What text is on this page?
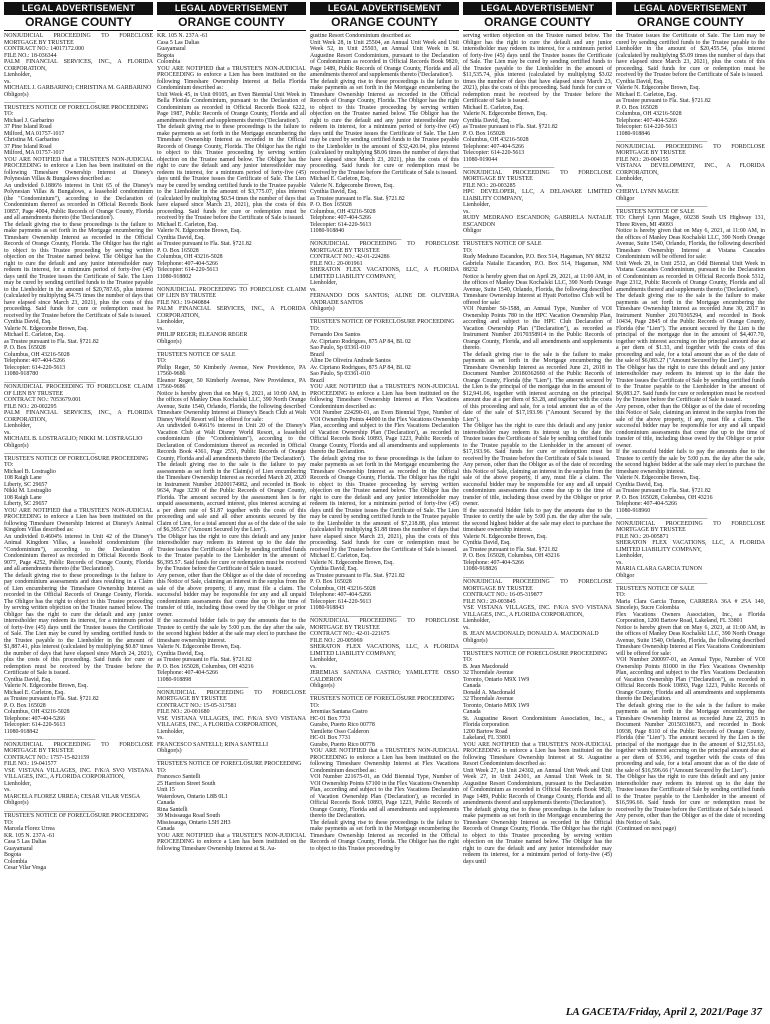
LEGAL ADVERTISEMENT
ORANGE COUNTY

NONJUDICIAL PROCEEDING TO FORECLOSE MORTGAGE BY TRUSTEE
CONTRACT NO.: 14017172.000
FILE NO.: 18-036344
PALM FINANCIAL SERVICES, INC., A FLORIDA CORPORATION,
Lienholder,
vs.
MICHAEL J. GARBARINO; CHRISTINA M. GARBARINO
Obligor(s)
_______________________________
TRUSTEE'S NOTICE OF FORECLOSURE PROCEEDING
TO:
Michael J. Garbarino
37 Pine Island Road
Milford, MA 01757-1017
Christina M. Garbarino
37 Pine Island Road
Milford, MA 01757-1017
YOU ARE NOTIFIED that a TRUSTEE'S NON-JUDICIAL PROCEEDING to enforce a Lien has been instituted on the following Timeshare Ownership Interest at Disney's Polynesian Villas & Bungalows described as:
An undivided 0.1886% interest in Unit 65 of the Disney's Polynesian Villas & Bungalows, a leasehold condominium (the "Condominium"), according to the Declaration of Condominium thereof as recorded in Official Records Book 10857, Page 4004, Public Records of Orange County, Florida and all amendments thereto (the 'Declaration').
The default giving rise to these proceedings is the failure to make payments as set forth in the Mortgage encumbering the Timeshare Ownership Interest as recorded in the Official Records of Orange County, Florida. The Obligor has the right to object to this Trustee proceeding by serving written objection on the Trustee named below. The Obligor has the right to cure the default and any junior interestholder may redeem its interest, for a minimum period of forty-five (45) days until the Trustee issues the Certificate of Sale. The Lien may be cured by sending certified funds to the Trustee payable to the Lienholder in the amount of $20,787.65, plus interest (calculated by multiplying $4.75 times the number of days that have elapsed since March 23, 2021), plus the costs of this proceeding. Said funds for cure or redemption must be received by the Trustee before the Certificate of Sale is issued.
Cynthia David, Esq.
Valerie N. Edgecombe Brown, Esq.
Michael E. Carleton, Esq.
as Trustee pursuant to Fla. Stat. §721.82
P. O. Box 165028
Columbus, OH 43216-5028
Telephone: 407-404-5266
Telecopier: 614-220-5613
11080-918780
_______________________________
NONJUDICIAL PROCEEDING TO FORECLOSE CLAIM OF LIEN BY TRUSTEE
CONTRACT NO.: 7053679.001
FILE NO.: 20-002295
PALM FINANCIAL SERVICES, INC., A FLORIDA CORPORATION,
Lienholder,
vs.
MICHAEL B. LOSTRAGLIO; NIKKI M. LOSTRAGLIO
Obligor(s)
_______________________________
TRUSTEE'S NOTICE OF FORECLOSURE PROCEEDING
TO:
Michael B. Lostraglio
108 Raigh Lane
Liberty, SC 29657
Nikki M. Lostraglio
108 Raigh Lane
Liberty, SC 29657
YOU ARE NOTIFIED that a TRUSTEE'S NON-JUDICIAL PROCEEDING to enforce a Lien has been instituted on the following Timeshare Ownership Interest at Disney's Animal Kingdom Villas described as:
An undivided 0.4604% interest in Unit 42 of the Disney's Animal Kingdom Villas, a leasehold condominium (the "Condominium"), according to the Declaration of Condominium thereof as recorded in Official Records Book 9077, Page 4252, Public Records of Orange County, Florida and all amendments thereto (the 'Declaration').
The default giving rise to these proceedings is the failure to pay condominium assessments and dues resulting in a Claim of Lien encumbering the Timeshare Ownership Interest as recorded in the Official Records of Orange County, Florida. The Obligor has the right to object to this Trustee proceeding by serving written objection on the Trustee named below. The Obligor has the right to cure the default and any junior interestholder may redeem its interest, for a minimum period of forty-five (45) days until the Trustee issues the Certificate of Sale. The Lien may be cured by sending certified funds to the Trustee payable to the Lienholder in the amount of $1,887.41, plus interest (calculated by multiplying $0.87 times the number of days that have elapsed since March 24, 2021), plus the costs of this proceeding. Said funds for cure or redemption must be received by the Trustee before the Certificate of Sale is issued.
Cynthia David, Esq.
Valerie N. Edgecombe Brown, Esq.
Michael E. Carleton, Esq.
as Trustee pursuant to Fla. Stat. §721.82
P. O. Box 165028
Columbus, OH 43216-5028
Telephone: 407-404-5266
Telecopier: 614-220-5613
11080-918842
_______________________________
NONJUDICIAL PROCEEDING TO FORECLOSE MORTGAGE BY TRUSTEE
CONTRACT NO.: 1757-15-821159
FILE NO.: 19-041577
VSE VISTANA VILLAGES, INC. F/K/A SVO VISTANA VILLAGES, INC., A FLORIDA CORPORATION,
Lienholder,
vs.
MARCELA FLOREZ URREA; CESAR VILAR VESGA
Obligor(s)
_______________________________
TRUSTEE'S NOTICE OF FORECLOSURE PROCEEDING
TO:
Marcela Florez Urrea
KR. 105 N. 237A -61
Casa 5 Las Dalias
Guayamaral
Bogota
Colombia
Cesar Vilar Vesga

LEGAL ADVERTISEMENT
ORANGE COUNTY

KR. 105 N. 237A -61
Casa 5 Las Dalias
Guayamaral
Bogota
Colombia
YOU ARE NOTIFIED that a TRUSTEE'S NON-JUDICIAL PROCEEDING to enforce a Lien has been instituted on the following Timeshare Ownership Interest at Bella Florida Condominium described as:
Unit Week 45, in Unit 09105, an Even Biennial Unit Week in Bella Florida Condominium, pursuant to the Declaration of Condominium as recorded in Official Records Book 6222, Page 1987, Public Records of Orange County, Florida and all amendments thereof and supplements thereto ('Declaration').
The default giving rise to these proceedings is the failure to make payments as set forth in the Mortgage encumbering the Timeshare Ownership Interest as recorded in the Official Records of Orange County, Florida. The Obligor has the right to object to this Trustee proceeding by serving written objection on the Trustee named below. The Obligor has the right to cure the default and any junior interestholder may redeem its interest, for a minimum period of forty-five (45) days until the Trustee issues the Certificate of Sale. The Lien may be cured by sending certified funds to the Trustee payable to the Lienholder in the amount of $3,775.07, plus interest (calculated by multiplying $0.54 times the number of days that have elapsed since March 23, 2021), plus the costs of this proceeding. Said funds for cure or redemption must be received by the Trustee before the Certificate of Sale is issued.
Michael E. Carleton, Esq.
Valerie N. Edgecombe Brown, Esq.
Cynthia David, Esq.
as Trustee pursuant to Fla. Stat. §721.82
P. O. Box 165028
Columbus, OH 43216-5028
Telephone: 407-404-5266
Telecopier: 614-220-5613
11080-918802
_______________________________
NONJUDICIAL PROCEEDING TO FORECLOSE CLAIM OF LIEN BY TRUSTEE
FILE NO.: 19-040884
PALM FINANCIAL SERVICES, INC., A FLORIDA CORPORATION,
Lienholder,
vs.
PHILIP REGER; ELEANOR REGER
Obligor(s)
_______________________________
TRUSTEE'S NOTICE OF SALE
TO:
Philip Reger, 50 Kimberly Avenue, New Providence, PA 17560-9686
Eleanor Reger, 50 Kimberly Avenue, New Providence, PA 17560-9686
Notice is hereby given that on May 6, 2021, at 10:00 AM, in the offices of Manley Deas Kochalski LLC, 390 North Orange Avenue, Suite 1540, Orlando, Florida, the following described Timeshare Ownership Interest at Disney's Beach Club at Walt Disney World Resort will be offered for sale:
An undivided 0.4661% interest in Unit 20 of the Disney's Vacation Club at Walt Disney World Resort, a leasehold condominium (the "Condominium"), according to the Declaration of Condominium thereof as recorded in Official Records Book 4361, Page 2551, Public Records of Orange County, Florida and all amendments thereto (the 'Declaration').
The default giving rise to the sale is the failure to pay assessments as set forth in the Claim(s) of Lien encumbering the Timeshare Ownership Interest as recorded March 20, 2020 in Instrument Number 20200174982, and recorded in Book 9634, Page 3230 of the Public Records of Orange County, Florida. The amount secured by the assessment lien is for unpaid assessments, accrued interest, plus interest accruing at a per diem rate of $1.87 together with the costs of this proceeding and sale and all other amounts secured by the Claim of Lien, for a total amount due as of the date of the sale of $6,395.57 ("Amount Secured by the Lien").
The Obligor has the right to cure this default and any junior interestholder may redeem its interest up to the date the Trustee issues the Certificate of Sale by sending certified funds to the Trustee payable to the Lienholder in the amount of $6,395.57. Said funds for cure or redemption must be received by the Trustee before the Certificate of Sale is issued.
Any person, other than the Obligor as of the date of recording this Notice of Sale, claiming an interest in the surplus from the sale of the above property, if any, must file a claim. The successful bidder may be responsible for any and all unpaid condominium assessments that come due up to the time of transfer of title, including those owed by the Obligor or prior owner.
If the successful bidder fails to pay the amounts due to the Trustee to certify the sale by 5:00 p.m. the day after the sale, the second highest bidder at the sale may elect to purchase the timeshare ownership interest.
Valerie N. Edgecombe Brown, Esq.
Cynthia David, Esq.
as Trustee pursuant to Fla. Stat. §721.82
P. O. Box 165028, Columbus, OH 43216
Telephone: 407-404-5266
11080-918898
_______________________________
NONJUDICIAL PROCEEDING TO FORECLOSE MORTGAGE BY TRUSTEE
CONTRACT NO.: 15-05-317581
FILE NO.: 20-001680
VSE VISTANA VILLAGES, INC. F/K/A SVO VISTANA VILLAGES, INC., A FLORIDA CORPORATION,
Lienholder,
vs.
FRANCESCO SANTELLI; RINA SANTELLI
Obligor(s)
_______________________________
TRUSTEE'S NOTICE OF FORECLOSURE PROCEEDING
TO:
Francesco Santelli
25 Harrison Street South
Unit 15
Waterdown, Ontario L8B 0L1
Canada
Rina Santelli
39 Misissauga Road South
Mississauga, Ontario L5H 2H3
Canada
YOU ARE NOTIFIED that a TRUSTEE'S NON-JUDICIAL PROCEEDING to enforce a Lien has been instituted on the following Timeshare Ownership Interest at St. Au-

LEGAL ADVERTISEMENT
ORANGE COUNTY

gustine Resort Condominium described as:
Unit Week 28, in Unit 25504, an Annual Unit Week and Unit Week 52, in Unit 25503, an Annual Unit Week in St. Augustine Resort Condominium, pursuant to the Declaration of Condominium as recorded in Official Records Book 9820, Page 1489, Public Records of Orange County, Florida and all amendments thereof and supplements thereto ('Declaration').
The default giving rise to these proceedings is the failure to make payments as set forth in the Mortgage encumbering the Timeshare Ownership Interest as recorded in the Official Records of Orange County, Florida. The Obligor has the right to object to this Trustee proceeding by serving written objection on the Trustee named below. The Obligor has the right to cure the default and any junior interestholder may redeem its interest, for a minimum period of forty-five (45) days until the Trustee issues the Certificate of Sale. The Lien may be cured by sending certified funds to the Trustee payable to the Lienholder in the amount of $32,420.04, plus interest (calculated by multiplying $8.06 times the number of days that have elapsed since March 23, 2021), plus the costs of this proceeding. Said funds for cure or redemption must be received by the Trustee before the Certificate of Sale is issued.
Michael E. Carleton, Esq.
Valerie N. Edgecombe Brown, Esq.
Cynthia David, Esq.
as Trustee pursuant to Fla. Stat. §721.82
P. O. Box 165028
Columbus, OH 43216-5028
Telephone: 407-404-5266
Telecopier: 614-220-5613
11080-918840
_______________________________
NONJUDICIAL PROCEEDING TO FORECLOSE MORTGAGE BY TRUSTEE
CONTRACT NO.: 42-01-224286
FILE NO.: 20-001961
SHERATON FLEX VACATIONS, LLC, A FLORIDA LIMITED LIABILITY COMPANY,
Lienholder,
vs.
FERNANDO DOS SANTOS; ALINE DE OLIVEIRA ANDRADE SANTOS
Obligor(s)
_______________________________
TRUSTEE'S NOTICE OF FORECLOSURE PROCEEDING
TO:
Fernando Dos Santos
Av. Cipriano Rodrigues, 875 AP 84, BL 02
Sao Paulo, Sp 03361-010
Brazil
Aline De Oliveira Andrade Santos
Av. Cipriano Rodrigues, 875 AP 84, BL 02
Sao Paulo, Sp 03361-010
Brazil
YOU ARE NOTIFIED that a TRUSTEE'S NON-JUDICIAL PROCEEDING to enforce a Lien has been instituted on the following Timeshare Ownership Interest at Flex Vacations Condominium described as:
VOI Number 224290-01, an Even Biennial Type, Number of VOI Ownership Points 44000 in the Flex Vacations Ownership Plan, according and subject to the Flex Vacations Declaration of Vacation Ownership Plan ('Declaration'), as recorded in Official Records Book 10893, Page 1223, Public Records of Orange County, Florida and all amendments and supplements thereto the Declaration.
The default giving rise to these proceedings is the failure to make payments as set forth in the Mortgage encumbering the Timeshare Ownership Interest as recorded in the Official Records of Orange County, Florida. The Obligor has the right to object to this Trustee proceeding by serving written objection on the Trustee named below. The Obligor has the right to cure the default and any junior interestholder may redeem its interest, for a minimum period of forty-five (45) days until the Trustee issues the Certificate of Sale. The Lien may be cured by sending certified funds to the Trustee payable to the Lienholder in the amount of $7,218.88, plus interest (calculated by multiplying $1.88 times the number of days that have elapsed since March 23, 2021), plus the costs of this proceeding. Said funds for cure or redemption must be received by the Trustee before the Certificate of Sale is issued.
Michael E. Carleton, Esq.
Valerie N. Edgecombe Brown, Esq.
Cynthia David, Esq.
as Trustee pursuant to Fla. Stat. §721.82
P. O. Box 165028
Columbus, OH 43216-5028
Telephone: 407-404-5266
Telecopier: 614-220-5613
11080-918843
_______________________________
NONJUDICIAL PROCEEDING TO FORECLOSE MORTGAGE BY TRUSTEE
CONTRACT NO.: 42-01-221675
FILE NO.: 20-005969
SHERATON FLEX VACATIONS, LLC, A FLORIDA LIMITED LIABILITY COMPANY,
Lienholder,
vs.
JEREMIAS SANTANA CASTRO; YAMILETTE OSSO CALDERON
Obligor(s)
_______________________________
TRUSTEE'S NOTICE OF FORECLOSURE PROCEEDING
TO:
Jeremias Santana Castro
HC-01 Box 7731
Gurabo, Puerto Rico 00778
Yamilette Osso Calderon
HC-01 Box 7731
Gurabo, Puerto Rico 00778
YOU ARE NOTIFIED that a TRUSTEE'S NON-JUDICIAL PROCEEDING to enforce a Lien has been instituted on the following Timeshare Ownership Interest at Flex Vacations Condominium described as:
VOI Number 221675-01, an Odd Biennial Type, Number of VOI Ownership Points 67100 in the Flex Vacations Ownership Plan, according and subject to the Flex Vacations Declaration of Vacation Ownership Plan ('Declaration'), as recorded in Official Records Book 10893, Page 1223, Public Records of Orange County, Florida and all amendments and supplements thereto the Declaration.
The default giving rise to these proceedings is the failure to make payments as set forth in the Mortgage encumbering the Timeshare Ownership Interest as recorded in the Official Records of Orange County, Florida. The Obligor has the right to object to this Trustee proceeding by

LEGAL ADVERTISEMENT
ORANGE COUNTY

serving written objection on the Trustee named below. The Obligor has the right to cure the default and any junior interestholder may redeem its interest, for a minimum period of forty-five (45) days until the Trustee issues the Certificate of Sale. The Lien may be cured by sending certified funds to the Trustee payable to the Lienholder in the amount of $11,535.74, plus interest (calculated by multiplying $3.02 times the number of days that have elapsed since March 23, 2021), plus the costs of this proceeding. Said funds for cure or redemption must be received by the Trustee before the Certificate of Sale is issued.
Michael E. Carleton, Esq.
Valerie N. Edgecombe Brown, Esq.
Cynthia David, Esq.
as Trustee pursuant to Fla. Stat. §721.82
P. O. Box 165028
Columbus, OH 43216-5028
Telephone: 407-404-5266
Telecopier: 614-220-5613
11080-919044
_______________________________
NONJUDICIAL PROCEEDING TO FORECLOSE MORTGAGE BY TRUSTEE
FILE NO.: 20-003285
HPC DEVELOPER, LLC, A DELAWARE LIMITED LIABILITY COMPANY,
Lienholder,
vs.
RUDY MEDRANO ESCANDON; GABRIELA NATALIE ESCANDON
Obligor
_______________________________
TRUSTEE'S NOTICE OF SALE
TO:
Rudy Medrano Escandon, P.O. Box 514, Hagaman, NY 88232
Gabriela Natalie Escandon, P.O. Box 514, Hagaman, NM 88232
Notice is hereby given that on April 29, 2021, at 11:00 AM, in the offices of Manley Deas Kochalski LLC, 390 North Orange Avenue, Suite 1540, Orlando, Florida, the following described Timeshare Ownership Interest at Hyatt Portofino Club will be offered for sale:
VOI Number 50-1588, an Annual Type, Number of VOI Ownership Points 780 in the HPC Vacation Ownership Plan, according and subject to the HPC Club Declaration of Vacation Ownership Plan ("Declaration"), as recorded as Instrument Number 20170358914 in the Public Records of Orange County, Florida, and all amendments and supplements thereto.
The default giving rise to the sale is the failure to make payments as set forth in the Mortgage encumbering the Timeshare Ownership Interest as recorded June 21, 2018 in Document Number 20180362660 of the Public Records of Orange County, Florida (the "Lien"). The amount secured by the Lien is the principal of the mortgage due in the amount of $12,941.06, together with interest accruing on the principal amount due at a per diem of $3.28, and together with the costs of this proceeding and sale, for a total amount due as of the date of the sale of $17,193.96 ("Amount Secured by the Lien").
The Obligor has the right to cure this default and any junior interestholder may redeem its interest up to the date the Trustee issues the Certificate of Sale by sending certified funds to the Trustee payable to the Lienholder in the amount of $17,193.96. Said funds for cure or redemption must be received by the Trustee before the Certificate of Sale is issued.
Any person, other than the Obligor as of the date of recording this Notice of Sale, claiming an interest in the surplus from the sale of the above property, if any, must file a claim. The successful bidder may be responsible for any and all unpaid condominium assessments that come due up to the time of transfer of title, including those owed by the Obligor or prior owner.
If the successful bidder fails to pay the amounts due to the Trustee to certify the sale by 5:00 p.m. the day after the sale, the second highest bidder at the sale may elect to purchase the timeshare ownership interest.
Valerie N. Edgecombe Brown, Esq.
Cynthia David, Esq.
as Trustee pursuant to Fla. Stat. §721.82
P. O. Box 165028, Columbus, OH 43216
Telephone: 407-404-5266
11080-918826
_______________________________
NONJUDICIAL PROCEEDING TO FORECLOSE MORTGAGE BY TRUSTEE
CONTRACT NO.: 16-05-319877
FILE NO.: 20-003845
VSE VISTANA VILLAGES, INC. F/K/A SVO VISTANA VILLAGES, INC., A FLORIDA CORPORATION,
Lienholder,
vs.
B. JEAN MACDONALD; DONALD A. MACDONALD
Obligor(s)
_______________________________
TRUSTEE'S NOTICE OF FORECLOSURE PROCEEDING
TO:
B. Jean Macdonald
32 Thorndale Avenue
Toronto, Ontario M9X 1W9
Canada
Donald A. Macdonald
32 Thorndale Avenue
Toronto, Ontario M9X 1W9
Canada
St. Augustine Resort Condominium Association, Inc., a Florida corporation
1200 Bartow Road
Lakeland, FL 33801
YOU ARE NOTIFIED that a TRUSTEE'S NON-JUDICIAL PROCEEDING to enforce a Lien has been instituted on the following Timeshare Ownership Interest at St. Augustine Resort Condominium described as:
Unit Week 27, in Unit 24302, an Annual Unit Week and Unit Week 27, in Unit 24301, an Annual Unit Week in St. Augustine Resort Condominium, pursuant to the Declaration of Condominium as recorded in Official Records Book 9820, Page 1489, Public Records of Orange County, Florida and all amendments thereof and supplements thereto ('Declaration').
The default giving rise to these proceedings is the failure to make payments as set forth in the Mortgage encumbering the Timeshare Ownership Interest as recorded in the Official Records of Orange County, Florida. The Obligor has the right to object to this Trustee proceeding by serving written objection on the Trustee named below. The Obligor has the right to cure the default and any junior interestholder may redeem its interest, for a minimum period of forty-five (45) days until

LEGAL ADVERTISEMENT
ORANGE COUNTY

the Trustee issues the Certificate of Sale. The Lien may be cured by sending certified funds to the Trustee payable to the Lienholder in the amount of $20,455.54, plus interest (calculated by multiplying $5.09 times the number of days that have elapsed since March 23, 2021), plus the costs of this proceeding. Said funds for cure or redemption must be received by the Trustee before the Certificate of Sale is issued.
Cynthia David, Esq.
Valerie N. Edgecombe Brown, Esq.
Michael E. Carleton, Esq.
as Trustee pursuant to Fla. Stat. §721.82
P. O. Box 165028
Columbus, OH 43216-5028
Telephone: 407-404-5266
Telecopier: 614-220-5613
11080-918846
_______________________________
NONJUDICIAL PROCEEDING TO FORECLOSE MORTGAGE BY TRUSTEE
FILE NO.: 20-004155
VISTANA DEVELOPMENT, INC., A FLORIDA CORPORATION,
Lienholder,
vs.
CHERYL LYNN MAGEE
Obligor
_______________________________
TRUSTEE'S NOTICE OF SALE
TO: Cheryl Lynn Magee, 60238 South US Highway 131, Three Rivers, MI 49093
Notice is hereby given that on May 6, 2021, at 11:00 AM, in the offices of Manley Deas Kochalski LLC, 390 North Orange Avenue, Suite 1540, Orlando, Florida, the following described Timeshare Ownership Interest at Vistana Cascades Condominium will be offered for sale:
Unit Week 29, in Unit 2512, an Odd Biennial Unit Week in Vistana Cascades Condominium, pursuant to the Declaration of Condominium as recorded in Official Records Book 5312, Page 2312, Public Records of Orange County, Florida and all amendments thereof and supplements thereto ('Declaration').
The default giving rise to the sale is the failure to make payments as set forth in the Mortgage encumbering the Timeshare Ownership Interest as recorded June 30, 2017 in Instrument Number 20170365294, and recorded in Book 10434, Page 2845 of the Public Records of Orange County, Florida (the "Lien"). The amount secured by the Lien is the principal of the mortgage due in the amount of $4,407.70, together with interest accruing on the principal amount due at a per diem of $1.33, and together with the costs of this proceeding and sale, for a total amount due as of the date of the sale of $6,083.27 ("Amount Secured by the Lien").
The Obligor has the right to cure this default and any junior interestholder may redeem its interest up to the date the Trustee issues the Certificate of Sale by sending certified funds to the Trustee payable to the Lienholder in the amount of $6,083.27. Said funds for cure or redemption must be received by the Trustee before the Certificate of Sale is issued.
Any person, other than the Obligor as of the date of recording this Notice of Sale, claiming an interest in the surplus from the sale of the above property, if any, must file a claim. The successful bidder may be responsible for any and all unpaid condominium assessments that come due up to the time of transfer of title, including those owed by the Obligor or prior owner.
If the successful bidder fails to pay the amounts due to the Trustee to certify the sale by 5:00 p.m. the day after the sale, the second highest bidder at the sale may elect to purchase the timeshare ownership interest.
Valerie N. Edgecombe Brown, Esq.
Cynthia David, Esq.
as Trustee pursuant to Fla. Stat. §721.82
P. O. Box 165028, Columbus, OH 43216
Telephone: 407-404-5266
11080-918960
_______________________________
NONJUDICIAL PROCEEDING TO FORECLOSE MORTGAGE BY TRUSTEE
FILE NO.: 20-005871
SHERATON FLEX VACATIONS, LLC, A FLORIDA LIMITED LIABILITY COMPANY,
Lienholder,
vs.
MARIA CLARA GARCIA TUNON
Obligor
_______________________________
TRUSTEE'S NOTICE OF SALE
TO:
Maria Clara Garcia Tunon, CARRERA 36A # 25A 140, Sincelejo, Sucre Colombia
Flex Vacations Owners Association, Inc., a Florida Corporation, 1200 Bartow Road, Lakeland, FL 33801
Notice is hereby given that on May 6, 2021, at 11:00 AM, in the offices of Manley Deas Kochalski LLC, 390 North Orange Avenue, Suite 1540, Orlando, Florida, the following described Timeshare Ownership Interest at Flex Vacations Condominium will be offered for sale:
VOI Number 200097-01, an Annual Type, Number of VOI Ownership Points 81000 in the Flex Vacations Ownership Plan, according and subject to the Flex Vacations Declaration of Vacation Ownership Plan ("Declaration"), as recorded in Official Records Book 10893, Page 1223, Public Records of Orange County, Florida and all amendments and supplements thereto the Declaration.
The default giving rise to the sale is the failure to make payments as set forth in the Mortgage encumbering the Timeshare Ownership Interest as recorded June 22, 2015 in Document Number 20150318673, and recorded in Book 10938, Page 8110 of the Public Records of Orange County, Florida (the "Lien"). The amount secured by the Lien is the principal of the mortgage due in the amount of $12,551.63, together with interest accruing on the principal amount due at a per diem of $3.96, and together with the costs of this proceeding and sale, for a total amount due as of the date of the sale of $16,596.66 ("Amount Secured by the Lien").
The Obligor has the right to cure this default and any junior interestholder may redeem its interest up to the date the Trustee issues the Certificate of Sale by sending certified funds to the Trustee payable to the Lienholder in the amount of $16,596.66. Said funds for cure or redemption must be received by the Trustee before the Certificate of Sale is issued.
Any person, other than the Obligor as of the date of recording this Notice of Sale,
(Continued on next page)

LA GACETA/Friday, April 2, 2021/Page 37
